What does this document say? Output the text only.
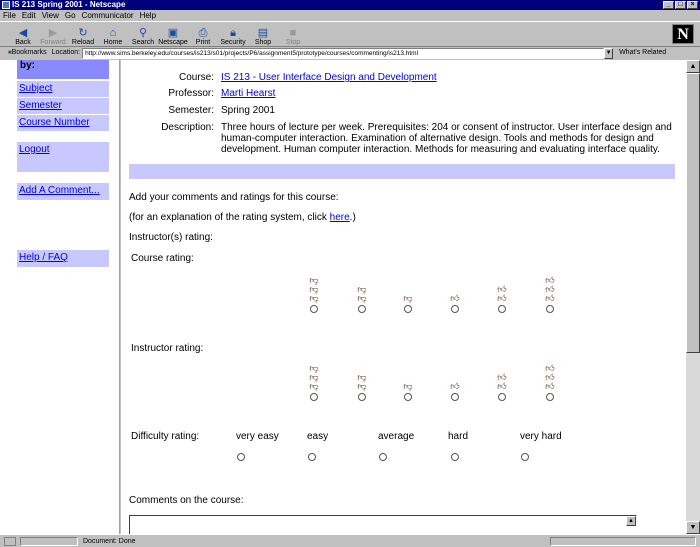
IS 213 Spring 2001 - Netscape	_	□	×
File Edit View Go Communicator Help
◀
Back
▶
Forward
↻
Reload
⌂
Home
⚲
Search
▣
Netscape
⎙
Print
🔒︎
Security
▤
Shop
■
Stop	N
■ Bookmarks Location: http://www.sims.berkeley.edu/courses/is213/s01/projects/P6/assignment5/prototype/courses/commenting/is213.html	▼ What's Related
by:
Subject
Semester
Course Number
Logout
Add A Comment...
Help / FAQ
Course: IS 213 - User Interface Design and Development
Professor: Marti Hearst
Semester: Spring 2001
Description: Three hours of lecture per week. Prerequisites: 204 or consent of instructor. User interface design and human-computer interaction. Examination of alternative design. Tools and methods for design and development. Human computer interaction. Methods for measuring and evaluating interface quality.
Add your comments and ratings for this course:
(for an explanation of the rating system, click here.)
Instructor(s) rating:
Course rating:
👎︎
👎︎
👎︎
👎︎
👎︎	👎︎	👍︎
👍︎
👍︎
👍︎
👍︎
👍︎
Instructor rating:
👎︎
👎︎
👎︎
👎︎
👎︎	👎︎	👍︎
👍︎
👍︎
👍︎
👍︎
👍︎
Difficulty rating:	very easy	easy	average	hard	very hard
Comments on the course:
▲
▲
▼
Document: Done
